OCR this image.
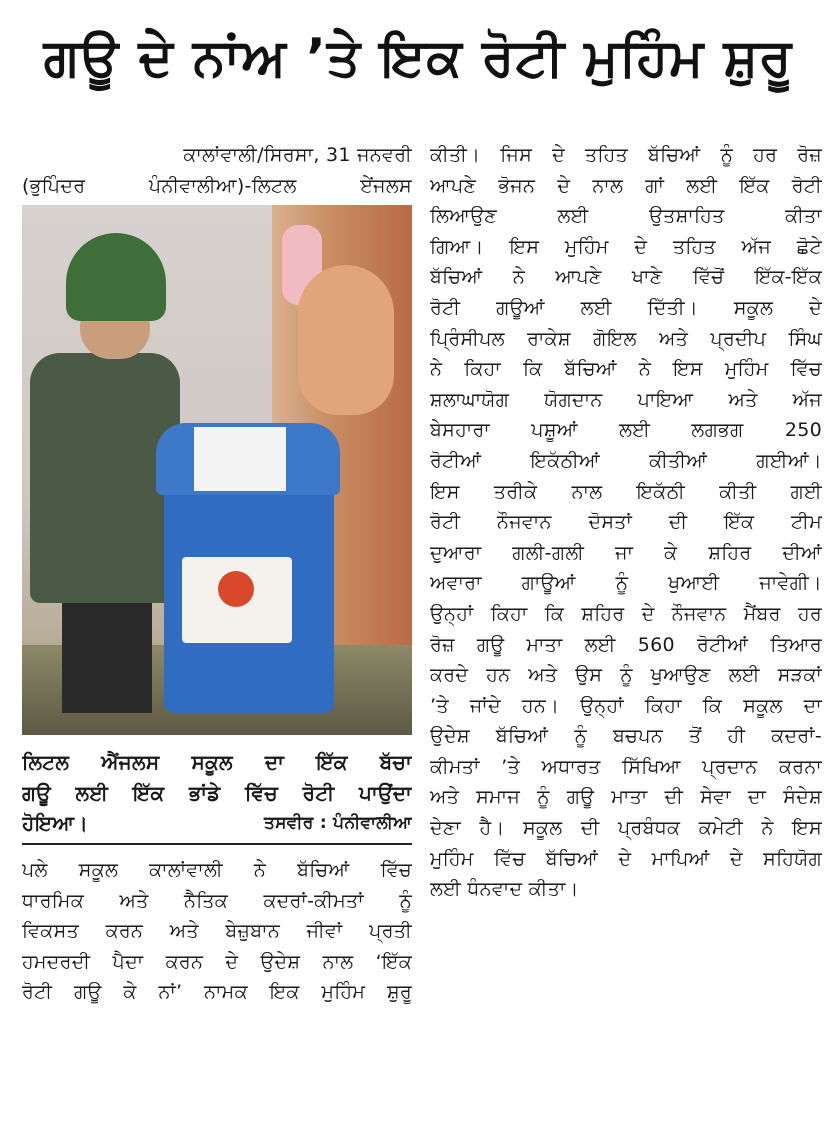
ਗਊ ਦੇ ਨਾਂਅ ’ਤੇ ਇਕ ਰੋਟੀ ਮੁਹਿੰਮ ਸ਼ੁਰੂ
ਕਾਲਾਂਵਾਲੀ/ਸਿਰਸਾ, 31 ਜਨਵਰੀ
(ਭੁਪਿੰਦਰ ਪੰਨੀਵਾਲੀਆ)-ਲਿਟਲ ਏਂਜਲਸ
ਲਿਟਲ ਐਂਜਲਸ ਸਕੂਲ ਦਾ ਇੱਕ ਬੱਚਾ
ਗਊ ਲਈ ਇੱਕ ਭਾਂਡੇ ਵਿੱਚ ਰੋਟੀ ਪਾਉਂਦਾ
ਹੋਇਆ।	ਤਸਵੀਰ : ਪੰਨੀਵਾਲੀਆ
ਪਲੇ ਸਕੂਲ ਕਾਲਾਂਵਾਲੀ ਨੇ ਬੱਚਿਆਂ ਵਿੱਚ
ਧਾਰਮਿਕ ਅਤੇ ਨੈਤਿਕ ਕਦਰਾਂ-ਕੀਮਤਾਂ ਨੂੰ
ਵਿਕਸਤ ਕਰਨ ਅਤੇ ਬੇਜ਼ੁਬਾਨ ਜੀਵਾਂ ਪ੍ਰਤੀ
ਹਮਦਰਦੀ ਪੈਦਾ ਕਰਨ ਦੇ ਉਦੇਸ਼ ਨਾਲ ‘ਇੱਕ
ਰੋਟੀ ਗਊ ਕੇ ਨਾਂ’ ਨਾਮਕ ਇਕ ਮੁਹਿੰਮ ਸ਼ੁਰੂ
ਕੀਤੀ। ਜਿਸ ਦੇ ਤਹਿਤ ਬੱਚਿਆਂ ਨੂੰ ਹਰ ਰੋਜ਼
ਆਪਣੇ ਭੋਜਨ ਦੇ ਨਾਲ ਗਾਂ ਲਈ ਇੱਕ ਰੋਟੀ
ਲਿਆਉਣ ਲਈ ਉਤਸ਼ਾਹਿਤ ਕੀਤਾ
ਗਿਆ। ਇਸ ਮੁਹਿੰਮ ਦੇ ਤਹਿਤ ਅੱਜ ਛੋਟੇ
ਬੱਚਿਆਂ ਨੇ ਆਪਣੇ ਖਾਣੇ ਵਿੱਚੋਂ ਇੱਕ-ਇੱਕ
ਰੋਟੀ ਗਊਆਂ ਲਈ ਦਿੱਤੀ। ਸਕੂਲ ਦੇ
ਪ੍ਰਿੰਸੀਪਲ ਰਾਕੇਸ਼ ਗੋਇਲ ਅਤੇ ਪ੍ਰਦੀਪ ਸਿੰਘ
ਨੇ ਕਿਹਾ ਕਿ ਬੱਚਿਆਂ ਨੇ ਇਸ ਮੁਹਿੰਮ ਵਿੱਚ
ਸ਼ਲਾਘਾਯੋਗ ਯੋਗਦਾਨ ਪਾਇਆ ਅਤੇ ਅੱਜ
ਬੇਸਹਾਰਾ ਪਸ਼ੂਆਂ ਲਈ ਲਗਭਗ 250
ਰੋਟੀਆਂ ਇਕੱਠੀਆਂ ਕੀਤੀਆਂ ਗਈਆਂ।
ਇਸ ਤਰੀਕੇ ਨਾਲ ਇਕੱਠੀ ਕੀਤੀ ਗਈ
ਰੋਟੀ ਨੌਜਵਾਨ ਦੋਸਤਾਂ ਦੀ ਇੱਕ ਟੀਮ
ਦੁਆਰਾ ਗਲੀ-ਗਲੀ ਜਾ ਕੇ ਸ਼ਹਿਰ ਦੀਆਂ
ਅਵਾਰਾ ਗਾਊਆਂ ਨੂੰ ਖੁਆਈ ਜਾਵੇਗੀ।
ਉਨ੍ਹਾਂ ਕਿਹਾ ਕਿ ਸ਼ਹਿਰ ਦੇ ਨੌਜਵਾਨ ਮੈਂਬਰ ਹਰ
ਰੋਜ਼ ਗਊ ਮਾਤਾ ਲਈ 560 ਰੋਟੀਆਂ ਤਿਆਰ
ਕਰਦੇ ਹਨ ਅਤੇ ਉਸ ਨੂੰ ਖੁਆਉਣ ਲਈ ਸੜਕਾਂ
’ਤੇ ਜਾਂਦੇ ਹਨ। ਉਨ੍ਹਾਂ ਕਿਹਾ ਕਿ ਸਕੂਲ ਦਾ
ਉਦੇਸ਼ ਬੱਚਿਆਂ ਨੂੰ ਬਚਪਨ ਤੋਂ ਹੀ ਕਦਰਾਂ-
ਕੀਮਤਾਂ ’ਤੇ ਅਧਾਰਤ ਸਿੱਖਿਆ ਪ੍ਰਦਾਨ ਕਰਨਾ
ਅਤੇ ਸਮਾਜ ਨੂੰ ਗਊ ਮਾਤਾ ਦੀ ਸੇਵਾ ਦਾ ਸੰਦੇਸ਼
ਦੇਣਾ ਹੈ। ਸਕੂਲ ਦੀ ਪ੍ਰਬੰਧਕ ਕਮੇਟੀ ਨੇ ਇਸ
ਮੁਹਿੰਮ ਵਿੱਚ ਬੱਚਿਆਂ ਦੇ ਮਾਪਿਆਂ ਦੇ ਸਹਿਯੋਗ
ਲਈ ਧੰਨਵਾਦ ਕੀਤਾ।
